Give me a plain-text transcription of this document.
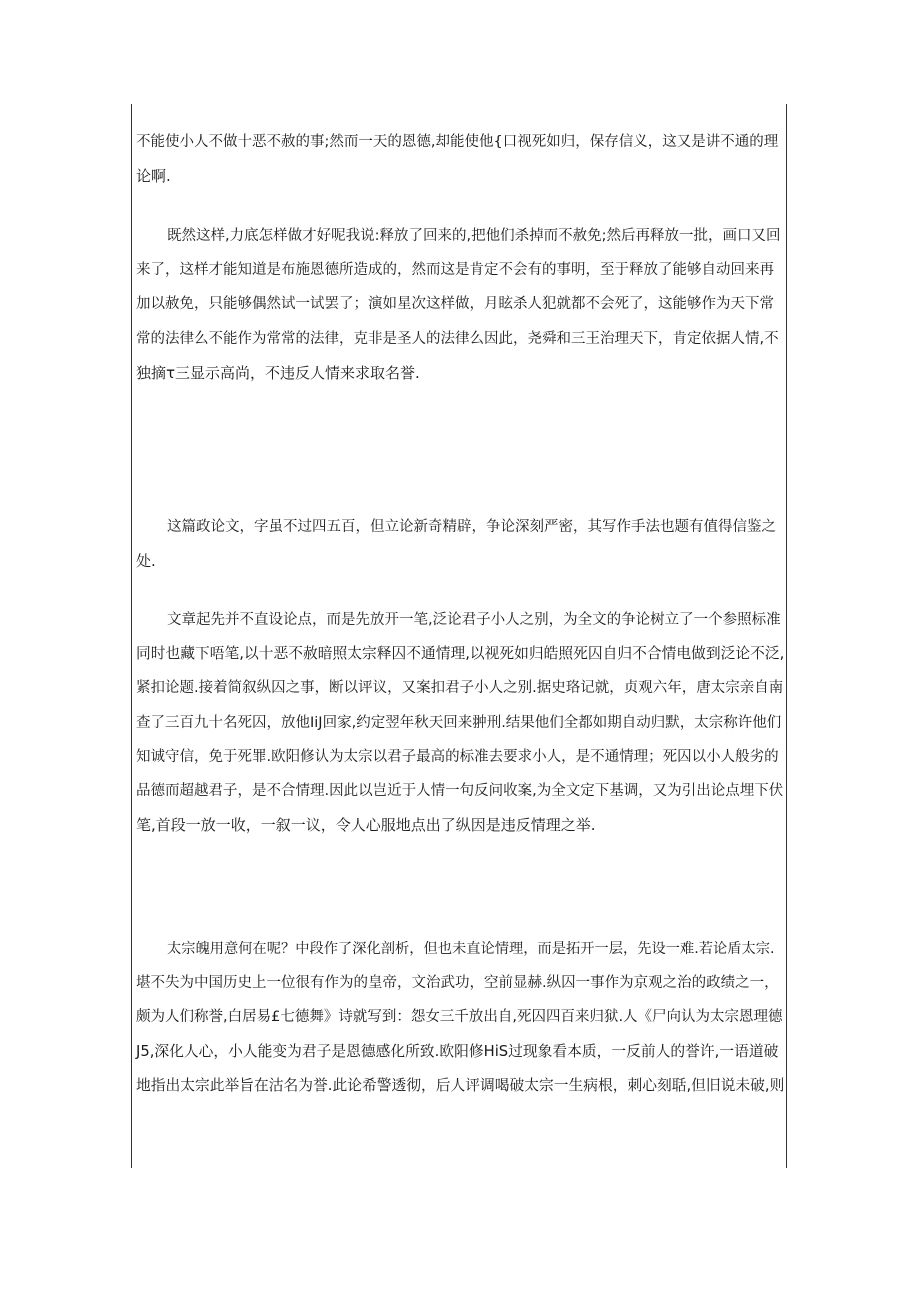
不能使小人不做十恶不赦的事;然而一天的恩德,却能使他{口视死如归，保存信义，这又是讲不通的理
论啊.

既然这样,力底怎样做才好呢我说:释放了回来的,把他们杀掉而不赦免;然后再释放一批，画口又回
来了，这样才能知道是布施恩德所造成的，然而这是肯定不会有的事明，至于释放了能够自动回来再
加以赦免，只能够偶然试一试罢了；演如星次这样做，月眩杀人犯就都不会死了，这能够作为天下常
常的法律么不能作为常常的法律，克非是圣人的法律么因此，尧舜和三王治理天下，肯定依据人情,不
独摘τ三显示高尚，不违反人情来求取名誉.

这篇政论文，字虽不过四五百，但立论新奇精辟，争论深刻严密，其写作手法也题有值得信鉴之
处.

文章起先并不直设论点，而是先放开一笔,泛论君子小人之别，为全文的争论树立了一个参照标准
同时也藏下唔笔,以十恶不赦暗照太宗释囚不通情理,以视死如归皓照死囚自归不合情电做到泛论不泛,
紧扣论题.接着简叙纵囚之事，断以评议，又案扣君子小人之别.据史珞记就，贞观六年，唐太宗亲自南
查了三百九十名死囚，放他IiJ回家,约定翌年秋天回来翀刑.结果他们全都如期自动归默，太宗称许他们
知诚守信，免于死罪.欧阳修认为太宗以君子最高的标准去要求小人，是不通情理；死囚以小人般劣的
品德而超越君子，是不合情理.因此以岂近于人情一句反问收案,为全文定下基调，又为引出论点埋下伏
笔,首段一放一收，一叙一议，令人心服地点出了纵因是违反情理之举.

太宗魄用意何在呢？中段作了深化剖析，但也未直论情理，而是拓开一层，先设一难.若论盾太宗.
堪不失为中国历史上一位很有作为的皇帝，文治武功，空前显赫.纵囚一事作为京观之治的政绩之一，
颇为人们称誉,白居易£七德舞》诗就写到：怨女三千放出自,死囚四百来归狱.人《尸向认为太宗恩理德
J5,深化人心，小人能变为君子是恩德感化所致.欧阳修HiS过现象看本质，一反前人的誉许,一语道破
地指出太宗此举旨在沽名为誉.此论希警透彻，后人评调喝破太宗一生病根，刺心刻聒,但旧说未破,则
